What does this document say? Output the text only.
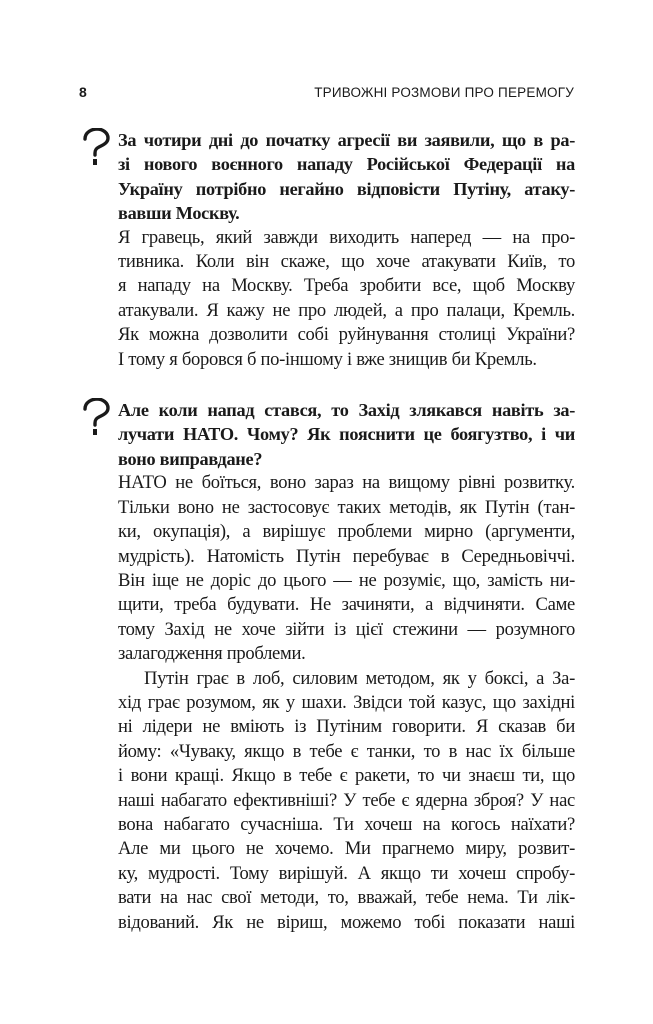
8	ТРИВОЖНІ РОЗМОВИ ПРО ПЕРЕМОГУ
За чотири дні до початку агресії ви заявили, що в ра-
зі нового воєнного нападу Російської Федерації на
Україну потрібно негайно відповісти Путіну, атаку-
вавши Москву.
Я гравець, який завжди виходить наперед — на про-
тивника. Коли він скаже, що хоче атакувати Київ, то
я нападу на Москву. Треба зробити все, щоб Москву
атакували. Я кажу не про людей, а про палаци, Кремль.
Як можна дозволити собі руйнування столиці України?
І тому я боровся б по-іншому і вже знищив би Кремль.
Але коли напад стався, то Захід злякався навіть за-
лучати НАТО. Чому? Як пояснити це боягузтво, і чи
воно виправдане?
НАТО не боїться, воно зараз на вищому рівні розвитку.
Тільки воно не застосовує таких методів, як Путін (тан-
ки, окупація), а вирішує проблеми мирно (аргументи,
мудрість). Натомість Путін перебуває в Середньовіччі.
Він іще не доріс до цього — не розуміє, що, замість ни-
щити, треба будувати. Не зачиняти, а відчиняти. Саме
тому Захід не хоче зійти із цієї стежини — розумного
залагодження проблеми.
Путін грає в лоб, силовим методом, як у боксі, а За-
хід грає розумом, як у шахи. Звідси той казус, що західні
ні лідери не вміють із Путіним говорити. Я сказав би
йому: «Чуваку, якщо в тебе є танки, то в нас їх більше
і вони кращі. Якщо в тебе є ракети, то чи знаєш ти, що
наші набагато ефективніші? У тебе є ядерна зброя? У нас
вона набагато сучасніша. Ти хочеш на когось наїхати?
Але ми цього не хочемо. Ми прагнемо миру, розвит-
ку, мудрості. Тому вирішуй. А якщо ти хочеш спробу-
вати на нас свої методи, то, вважай, тебе нема. Ти лік-
відований. Як не віриш, можемо тобі показати наші
